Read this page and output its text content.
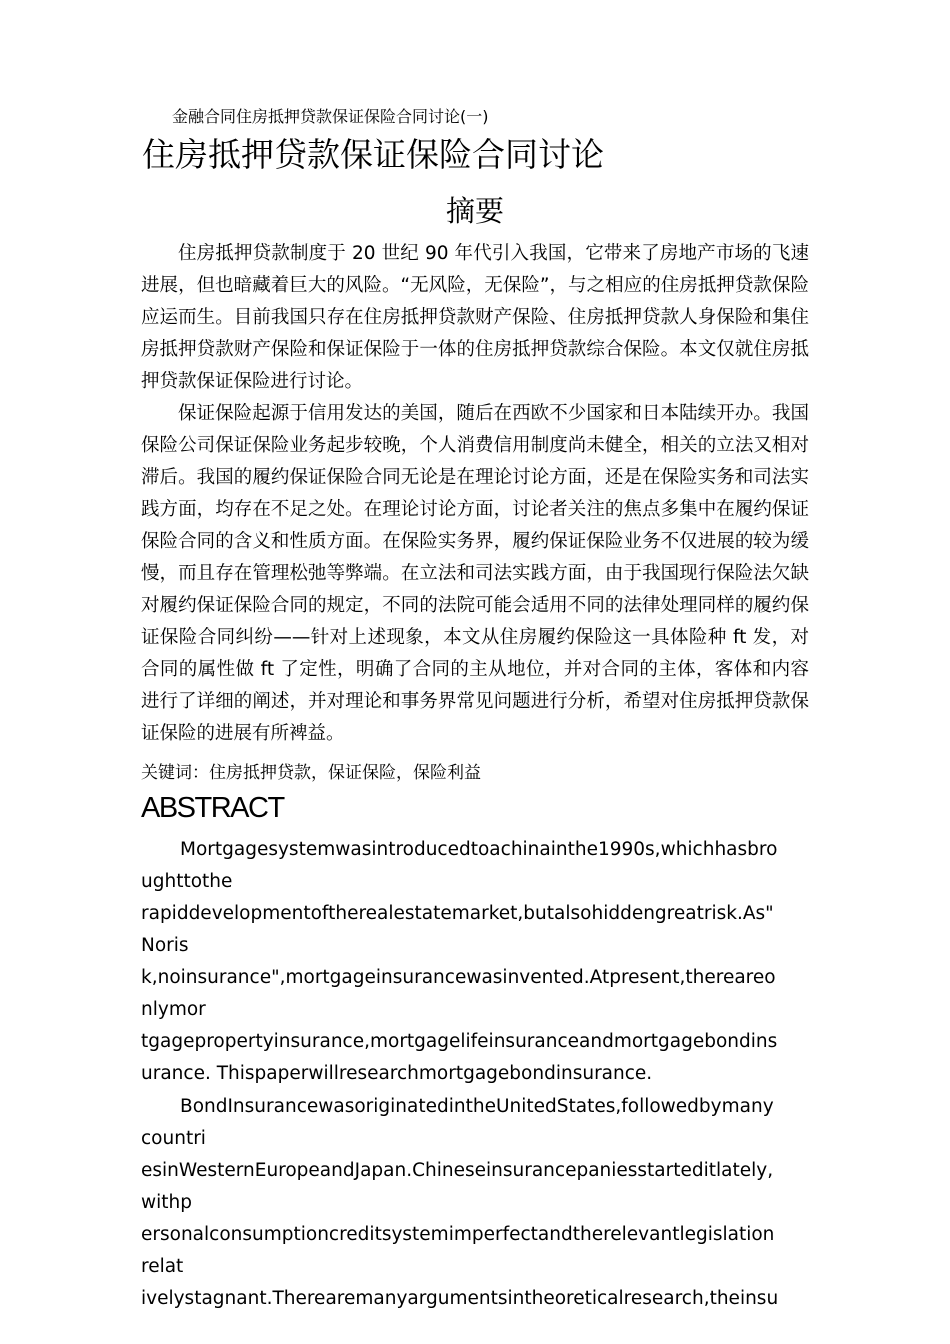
金融合同住房抵押贷款保证保险合同讨论(一)
住房抵押贷款保证保险合同讨论
摘要

住房抵押贷款制度于 20 世纪 90 年代引入我国，它带来了房地产市场的飞速进展，但也暗藏着巨大的风险。“无风险，无保险”，与之相应的住房抵押贷款保险应运而生。目前我国只存在住房抵押贷款财产保险、住房抵押贷款人身保险和集住房抵押贷款财产保险和保证保险于一体的住房抵押贷款综合保险。本文仅就住房抵押贷款保证保险进行讨论。

保证保险起源于信用发达的美国，随后在西欧不少国家和日本陆续开办。我国保险公司保证保险业务起步较晚，个人消费信用制度尚未健全，相关的立法又相对滞后。我国的履约保证保险合同无论是在理论讨论方面，还是在保险实务和司法实践方面，均存在不足之处。在理论讨论方面，讨论者关注的焦点多集中在履约保证保险合同的含义和性质方面。在保险实务界，履约保证保险业务不仅进展的较为缓慢，而且存在管理松弛等弊端。在立法和司法实践方面，由于我国现行保险法欠缺对履约保证保险合同的规定，不同的法院可能会适用不同的法律处理同样的履约保证保险合同纠纷——针对上述现象，本文从住房履约保险这一具体险种 ft 发，对合同的属性做 ft 了定性，明确了合同的主从地位，并对合同的主体，客体和内容进行了详细的阐述，并对理论和事务界常见问题进行分析，希望对住房抵押贷款保证保险的进展有所裨益。

关键词：住房抵押贷款，保证保险，保险利益
ABSTRACT
Mortgagesystemwasintroducedtoachinainthe1990s,whichhasbro
ughttothe
rapiddevelopmentoftherealestatemarket,butalsohiddengreatrisk.As"
Noris
k,noinsurance",mortgageinsurancewasinvented.Atpresent,thereareo
nlymor
tgagepropertyinsurance,mortgagelifeinsuranceandmortgagebondins
urance. Thispaperwillresearchmortgagebondinsurance.
BondInsurancewasoriginatedintheUnitedStates,followedbymany
countri
esinWesternEuropeandJapan.Chineseinsurancepaniesstarteditlately,
withp
ersonalconsumptioncreditsystemimperfectandtherelevantlegislation
relat
ivelystagnant.Therearemanyargumentsintheoreticalresearch,theinsu
